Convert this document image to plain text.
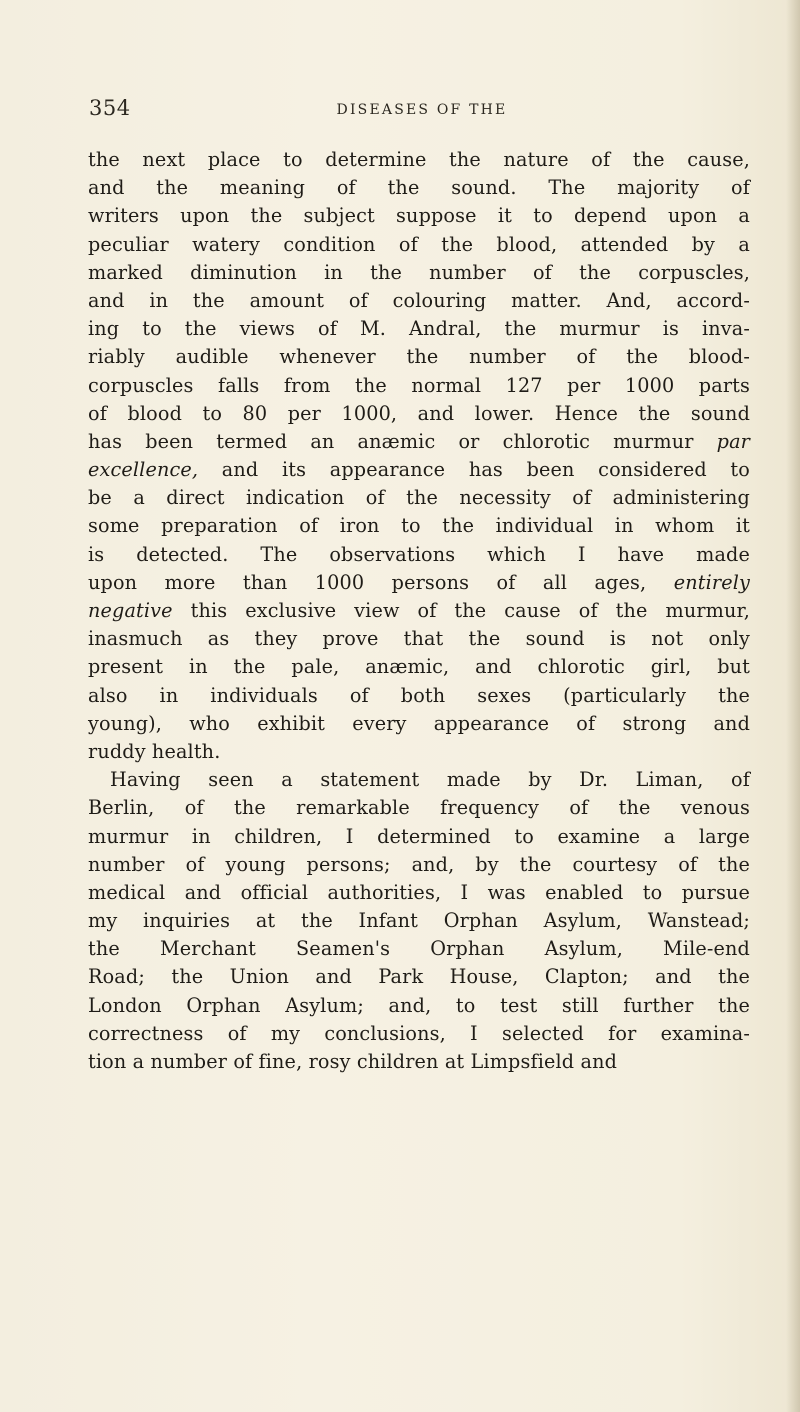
354	DISEASES OF THE
the next place to determine the nature of the cause,
and the meaning of the sound. The majority of
writers upon the subject suppose it to depend upon a
peculiar watery condition of the blood, attended by a
marked diminution in the number of the corpuscles,
and in the amount of colouring matter. And, accord-
ing to the views of M. Andral, the murmur is inva-
riably audible whenever the number of the blood-
corpuscles falls from the normal 127 per 1000 parts
of blood to 80 per 1000, and lower. Hence the sound
has been termed an anæmic or chlorotic murmur par
excellence, and its appearance has been considered to
be a direct indication of the necessity of administering
some preparation of iron to the individual in whom it
is detected. The observations which I have made
upon more than 1000 persons of all ages, entirely
negative this exclusive view of the cause of the murmur,
inasmuch as they prove that the sound is not only
present in the pale, anæmic, and chlorotic girl, but
also in individuals of both sexes (particularly the
young), who exhibit every appearance of strong and
ruddy health.
Having seen a statement made by Dr. Liman, of
Berlin, of the remarkable frequency of the venous
murmur in children, I determined to examine a large
number of young persons; and, by the courtesy of the
medical and official authorities, I was enabled to pursue
my inquiries at the Infant Orphan Asylum, Wanstead;
the Merchant Seamen's Orphan Asylum, Mile-end
Road; the Union and Park House, Clapton; and the
London Orphan Asylum; and, to test still further the
correctness of my conclusions, I selected for examina-
tion a number of fine, rosy children at Limpsfield and
